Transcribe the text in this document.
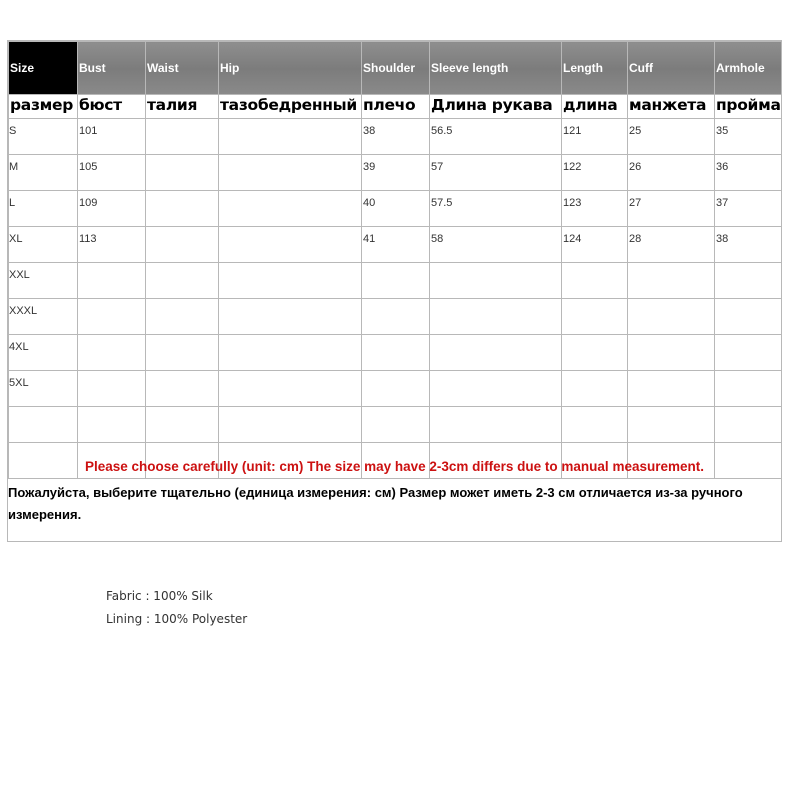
Size	Bust	Waist	Hip	Shoulder	Sleeve length	Length	Cuff	Armhole
размер	бюст	талия	тазобедренный	плечо	Длина рукава	длина	манжета	пройма
S	101			38	56.5	121	25	35
M	105			39	57	122	26	36
L	109			40	57.5	123	27	37
XL	113			41	58	124	28	38
XXL								
XXXL								
4XL								
5XL								

Please choose carefully (unit: cm) The size may have 2-3cm differs due to manual measurement.
Пожалуйста, выберите тщательно (единица измерения: см) Размер может иметь 2-3 см отличается из-за ручного измерения.
Fabric : 100% Silk
Lining : 100% Polyester
